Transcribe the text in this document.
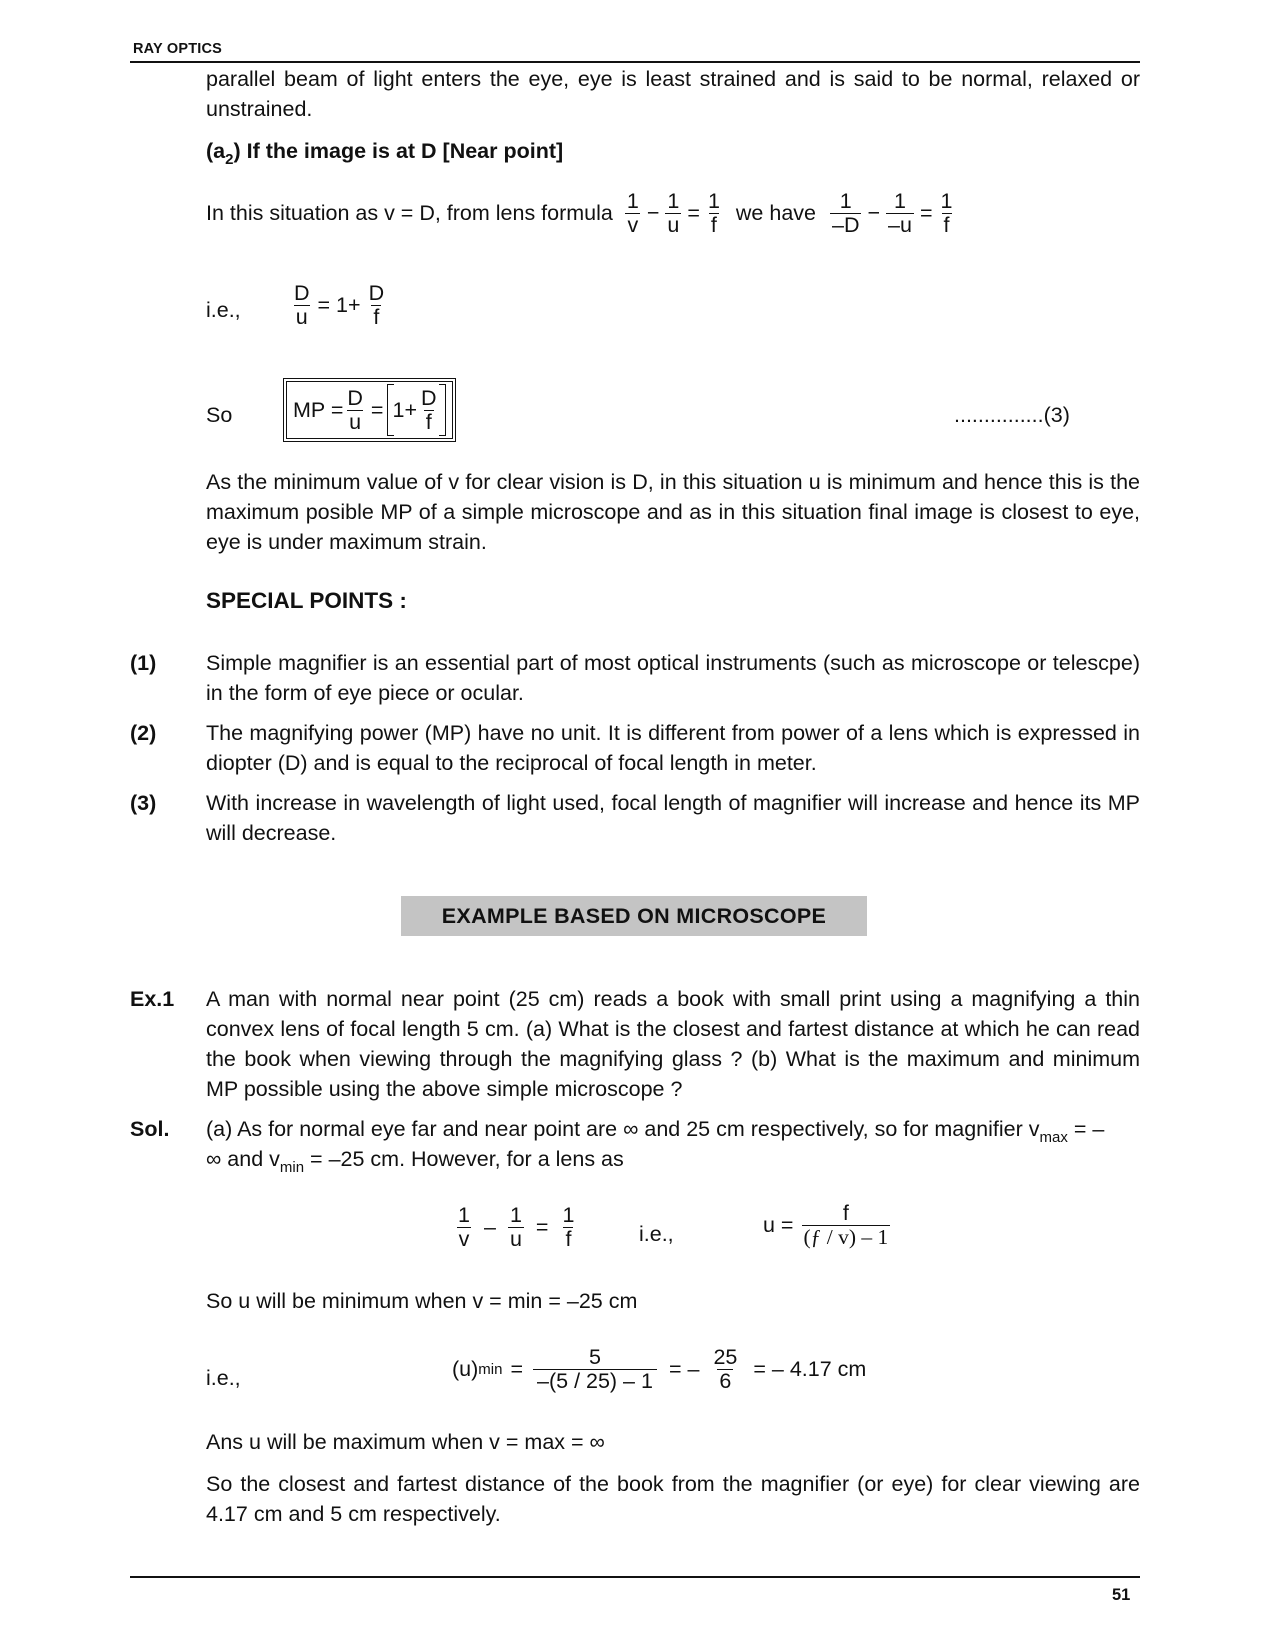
RAY OPTICS
parallel beam of light enters the eye, eye is least strained and is said to be normal, relaxed or unstrained.
$(a_2)$ If the image is at D [Near point]
In this situation as v = D, from lens formula $\frac{1}{v} - \frac{1}{u} = \frac{1}{f}$ we have $\frac{1}{-D} - \frac{1}{-u} = \frac{1}{f}$
i.e., $\frac{D}{u} = 1+ \frac{D}{f}$
So	MP = $\frac{D}{u} = 1+ \frac{D}{f}$	...............(3)
As the minimum value of v for clear vision is D, in this situation u is minimum and hence this is the maximum posible MP of a simple microscope and as in this situation final image is closest to eye, eye is under maximum strain.
SPECIAL POINTS :
(1) Simple magnifier is an essential part of most optical instruments (such as microscope or telescpe) in the form of eye piece or ocular.
(2) The magnifying power (MP) have no unit. It is different from power of a lens which is expressed in diopter (D) and is equal to the reciprocal of focal length in meter.
(3) With increase in wavelength of light used, focal length of magnifier will increase and hence its MP will decrease.
EXAMPLE BASED ON MICROSCOPE
Ex.1 A man with normal near point (25 cm) reads a book with small print using a magnifying a thin convex lens of focal length 5 cm. (a) What is the closest and fartest distance at which he can read the book when viewing through the magnifying glass ? (b) What is the maximum and minimum MP possible using the above simple microscope ?
Sol. (a) As for normal eye far and near point are ∞ and 25 cm respectively, so for magnifier $v_{max}$ = –
∞ and $v_{min} = -25$ cm. However, for a lens as
$\frac{1}{v} - \frac{1}{u} = \frac{1}{f}$	i.e.,	$u = \frac{f}{(ƒ / v) - 1}$
So u will be minimum when v = min = –25 cm
i.e.,	(u) $\min = \frac{5}{-(5 / 25) - 1}$ = – $\frac{25}{6}$ = – 4.17 cm
Ans u will be maximum when v = max = ∞
So the closest and fartest distance of the book from the magnifier (or eye) for clear viewing are 4.17 cm and 5 cm respectively.
51
